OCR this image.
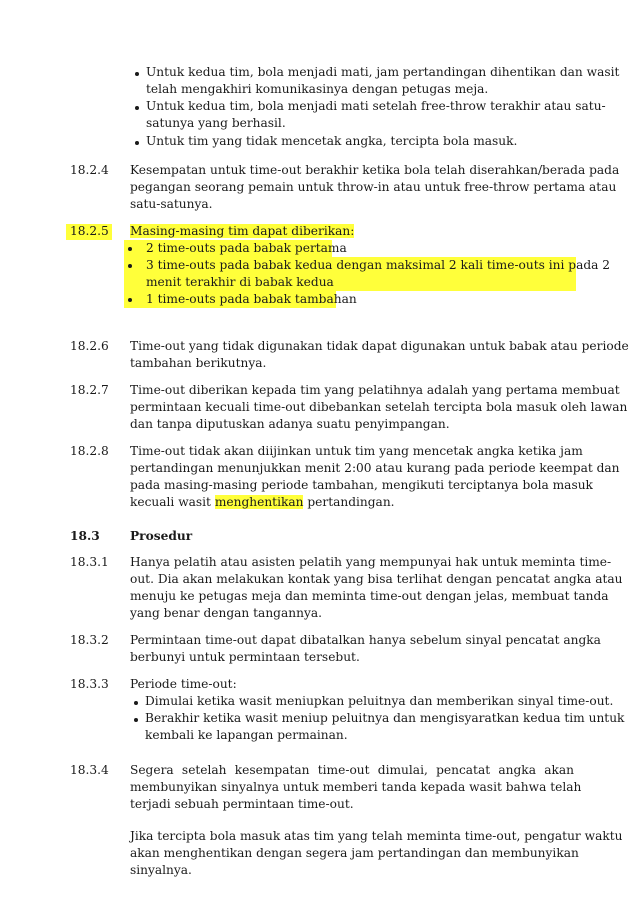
Untuk kedua tim, bola menjadi mati, jam pertandingan dihentikan dan wasit
telah mengakhiri komunikasinya dengan petugas meja.
Untuk kedua tim, bola menjadi mati setelah free-throw terakhir atau satu-
satunya yang berhasil.
Untuk tim yang tidak mencetak angka, tercipta bola masuk.
18.2.4 Kesempatan untuk time-out berakhir ketika bola telah diserahkan/berada pada
pegangan seorang pemain untuk throw-in atau untuk free-throw pertama atau
satu-satunya.
18.2.5 Masing-masing tim dapat diberikan:
2 time-outs pada babak pertama
3 time-outs pada babak kedua dengan maksimal 2 kali time-outs ini pada 2
menit terakhir di babak kedua
1 time-outs pada babak tambahan
18.2.6 Time-out yang tidak digunakan tidak dapat digunakan untuk babak atau periode
tambahan berikutnya.
18.2.7 Time-out diberikan kepada tim yang pelatihnya adalah yang pertama membuat
permintaan kecuali time-out dibebankan setelah tercipta bola masuk oleh lawan
dan tanpa diputuskan adanya suatu penyimpangan.
18.2.8 Time-out tidak akan diijinkan untuk tim yang mencetak angka ketika jam
pertandingan menunjukkan menit 2:00 atau kurang pada periode keempat dan
pada masing-masing periode tambahan, mengikuti terciptanya bola masuk
kecuali wasit menghentikan pertandingan.
18.3 Prosedur
18.3.1 Hanya pelatih atau asisten pelatih yang mempunyai hak untuk meminta time-
out. Dia akan melakukan kontak yang bisa terlihat dengan pencatat angka atau
menuju ke petugas meja dan meminta time-out dengan jelas, membuat tanda
yang benar dengan tangannya.
18.3.2 Permintaan time-out dapat dibatalkan hanya sebelum sinyal pencatat angka
berbunyi untuk permintaan tersebut.
18.3.3 Periode time-out:
Dimulai ketika wasit meniupkan peluitnya dan memberikan sinyal time-out.
Berakhir ketika wasit meniup peluitnya dan mengisyaratkan kedua tim untuk
kembali ke lapangan permainan.
18.3.4 Segera setelah kesempatan time-out dimulai, pencatat angka akan
membunyikan sinyalnya untuk memberi tanda kepada wasit bahwa telah
terjadi sebuah permintaan time-out.
Jika tercipta bola masuk atas tim yang telah meminta time-out, pengatur waktu
akan menghentikan dengan segera jam pertandingan dan membunyikan
sinyalnya.
